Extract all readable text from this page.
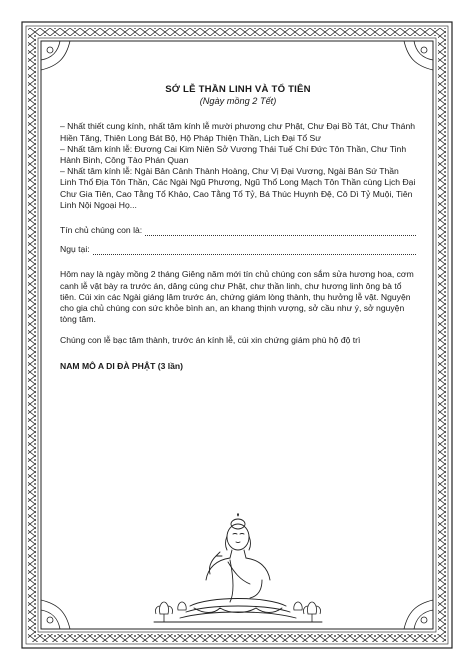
SỚ LỄ THẦN LINH VÀ TỔ TIÊN

(Ngày mồng 2 Tết)

– Nhất thiết cung kính, nhất tâm kính lễ mười phương chư Phật, Chư Đại Bồ Tát, Chư Thánh Hiền Tăng, Thiên Long Bát Bộ, Hộ Pháp Thiện Thần, Lịch Đại Tổ Sư

– Nhất tâm kính lễ: Đương Cai Kim Niên Sở Vương Thái Tuế Chí Đức Tôn Thần, Chư Tinh Hành Binh, Công Tào Phán Quan

– Nhất tâm kính lễ: Ngài Bản Cảnh Thành Hoàng, Chư Vị Đại Vương, Ngài Bản Sứ Thần Linh Thổ Địa Tôn Thần, Các Ngài Ngũ Phương, Ngũ Thổ Long Mạch Tôn Thần cùng Lịch Đại Chư Gia Tiên, Cao Tằng Tổ Khảo, Cao Tằng Tổ Tỷ, Bá Thúc Huynh Đệ, Cô Dì Tỷ Muội, Tiên Linh Nội Ngoại Họ...

Tín chủ chúng con là:
Ngụ tại:

Hôm nay là ngày mồng 2 tháng Giêng năm mới tín chủ chúng con sắm sửa hương hoa, cơm canh lễ vật bày ra trước án, dâng cúng chư Phật, chư thần linh, chư hương linh ông bà tổ tiên. Cúi xin các Ngài giáng lâm trước án, chứng giám lòng thành, thụ hưởng lễ vật. Nguyện cho gia chủ chúng con sức khỏe bình an, an khang thịnh vượng, sở cầu như ý, sở nguyện tòng tâm.

Chúng con lễ bạc tâm thành, trước án kính lễ, cúi xin chứng giám phù hộ độ trì

NAM MÔ A DI ĐÀ PHẬT (3 lần)
